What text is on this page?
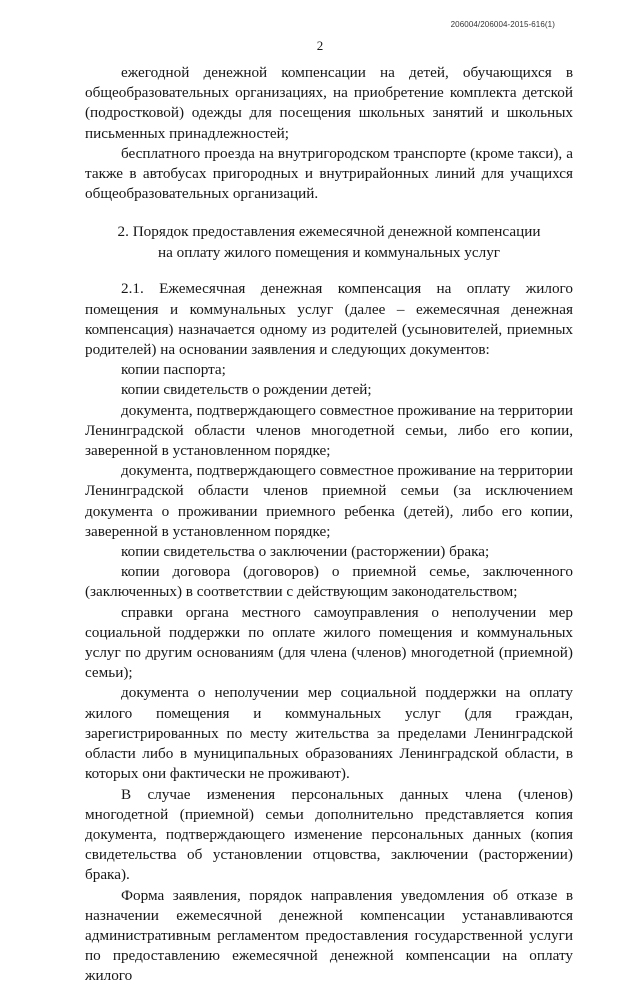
206004/206004-2015-616(1)
2

ежегодной денежной компенсации на детей, обучающихся в общеобразовательных организациях, на приобретение комплекта детской (подростковой) одежды для посещения школьных занятий и школьных письменных принадлежностей;

бесплатного проезда на внутригородском транспорте (кроме такси), а также в автобусах пригородных и внутрирайонных линий для учащихся общеобразовательных организаций.

2. Порядок предоставления ежемесячной денежной компенсации
на оплату жилого помещения и коммунальных услуг

2.1. Ежемесячная денежная компенсация на оплату жилого помещения и коммунальных услуг (далее – ежемесячная денежная компенсация) назначается одному из родителей (усыновителей, приемных родителей) на основании заявления и следующих документов:

копии паспорта;

копии свидетельств о рождении детей;

документа, подтверждающего совместное проживание на территории Ленинградской области членов многодетной семьи, либо его копии, заверенной в установленном порядке;

документа, подтверждающего совместное проживание на территории Ленинградской области членов приемной семьи (за исключением документа о проживании приемного ребенка (детей), либо его копии, заверенной в установленном порядке;

копии свидетельства о заключении (расторжении) брака;

копии договора (договоров) о приемной семье, заключенного (заключенных) в соответствии с действующим законодательством;

справки органа местного самоуправления о неполучении мер социальной поддержки по оплате жилого помещения и коммунальных услуг по другим основаниям (для члена (членов) многодетной (приемной) семьи);

документа о неполучении мер социальной поддержки на оплату жилого помещения и коммунальных услуг (для граждан, зарегистрированных по месту жительства за пределами Ленинградской области либо в муниципальных образованиях Ленинградской области, в которых они фактически не проживают).

В случае изменения персональных данных члена (членов) многодетной (приемной) семьи дополнительно представляется копия документа, подтверждающего изменение персональных данных (копия свидетельства об установлении отцовства, заключении (расторжении) брака).

Форма заявления, порядок направления уведомления об отказе в назначении ежемесячной денежной компенсации устанавливаются административным регламентом предоставления государственной услуги по предоставлению ежемесячной денежной компенсации на оплату жилого
